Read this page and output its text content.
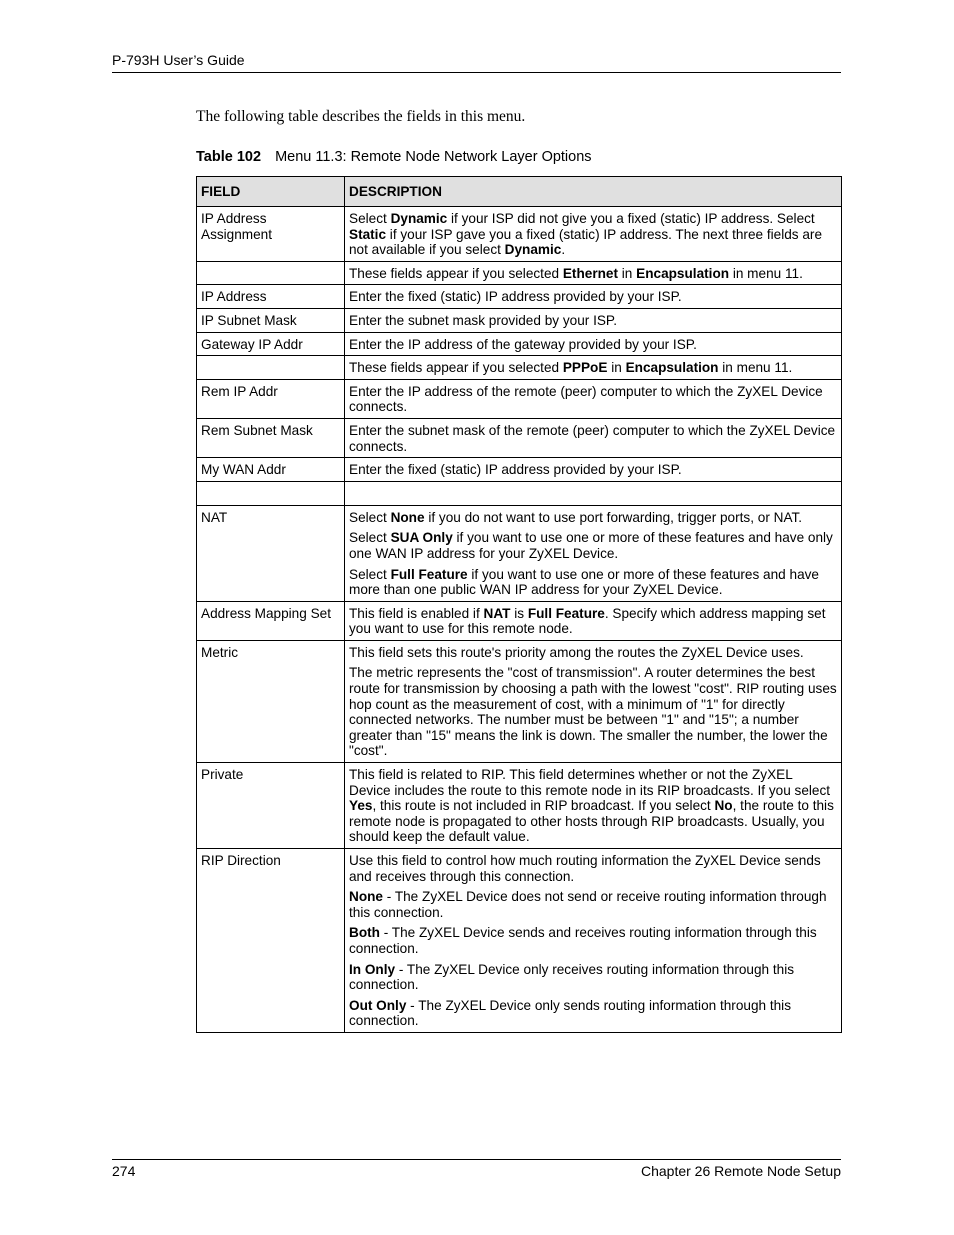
P-793H User’s Guide
The following table describes the fields in this menu.
Table 102 Menu 11.3: Remote Node Network Layer Options
FIELD	DESCRIPTION
IP Address Assignment	Select Dynamic if your ISP did not give you a fixed (static) IP address. Select Static if your ISP gave you a fixed (static) IP address. The next three fields are not available if you select Dynamic.

	These fields appear if you selected Ethernet in Encapsulation in menu 11.

IP Address	Enter the fixed (static) IP address provided by your ISP.

IP Subnet Mask	Enter the subnet mask provided by your ISP.

Gateway IP Addr	Enter the IP address of the gateway provided by your ISP.

	These fields appear if you selected PPPoE in Encapsulation in menu 11.

Rem IP Addr	Enter the IP address of the remote (peer) computer to which the ZyXEL Device connects.

Rem Subnet Mask	Enter the subnet mask of the remote (peer) computer to which the ZyXEL Device connects.

My WAN Addr	Enter the fixed (static) IP address provided by your ISP.

NAT	Select None if you do not want to use port forwarding, trigger ports, or NAT.

Select SUA Only if you want to use one or more of these features and have only one WAN IP address for your ZyXEL Device.

Select Full Feature if you want to use one or more of these features and have more than one public WAN IP address for your ZyXEL Device.

Address Mapping Set	This field is enabled if NAT is Full Feature. Specify which address mapping set you want to use for this remote node.

Metric	This field sets this route's priority among the routes the ZyXEL Device uses.

The metric represents the "cost of transmission". A router determines the best route for transmission by choosing a path with the lowest "cost". RIP routing uses hop count as the measurement of cost, with a minimum of "1" for directly connected networks. The number must be between "1" and "15"; a number greater than "15" means the link is down. The smaller the number, the lower the "cost".

Private	This field is related to RIP. This field determines whether or not the ZyXEL Device includes the route to this remote node in its RIP broadcasts. If you select Yes, this route is not included in RIP broadcast. If you select No, the route to this remote node is propagated to other hosts through RIP broadcasts. Usually, you should keep the default value.

RIP Direction	Use this field to control how much routing information the ZyXEL Device sends and receives through this connection.

None - The ZyXEL Device does not send or receive routing information through this connection.

Both - The ZyXEL Device sends and receives routing information through this connection.

In Only - The ZyXEL Device only receives routing information through this connection.

Out Only - The ZyXEL Device only sends routing information through this connection.

274	Chapter 26 Remote Node Setup
